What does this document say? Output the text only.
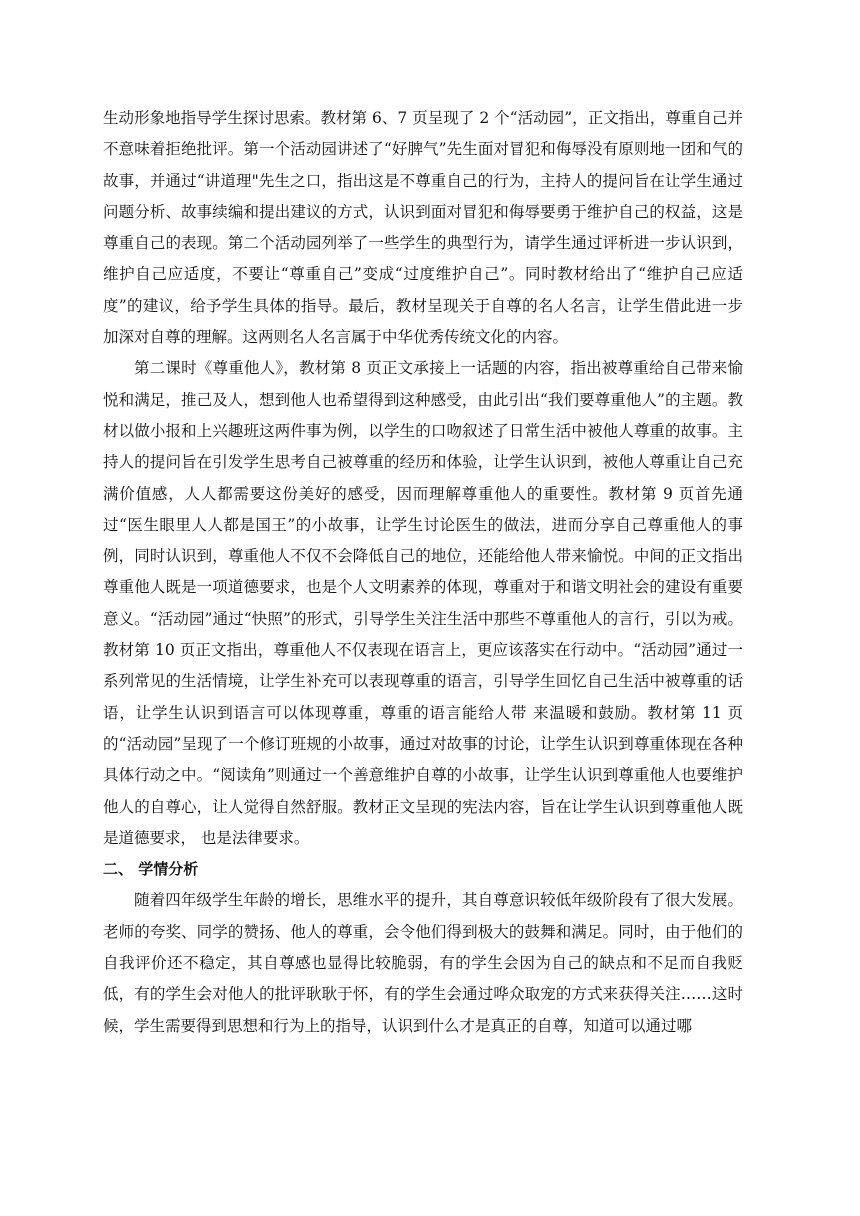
生动形象地指导学生探讨思索。教材第 6、7 页呈现了 2 个“活动园”，正文指出，尊重自己并不意味着拒绝批评。第一个活动园讲述了“好脾气”先生面对冒犯和侮辱没有原则地一团和气的故事，并通过“讲道理"先生之口，指出这是不尊重自己的行为，主持人的提问旨在让学生通过问题分析、故事续编和提出建议的方式，认识到面对冒犯和侮辱要勇于维护自己的权益，这是尊重自己的表现。第二个活动园列举了一些学生的典型行为，请学生通过评析进一步认识到，维护自己应适度，不要让“尊重自己”变成“过度维护自己”。同时教材给出了“维护自己应适度”的建议，给予学生具体的指导。最后，教材呈现关于自尊的名人名言，让学生借此进一步加深对自尊的理解。这两则名人名言属于中华优秀传统文化的内容。

第二课时《尊重他人》，教材第 8 页正文承接上一话题的内容，指出被尊重给自己带来愉悦和满足，推己及人，想到他人也希望得到这种感受，由此引出“我们要尊重他人”的主题。教材以做小报和上兴趣班这两件事为例，以学生的口吻叙述了日常生活中被他人尊重的故事。主持人的提问旨在引发学生思考自己被尊重的经历和体验，让学生认识到，被他人尊重让自己充满价值感，人人都需要这份美好的感受，因而理解尊重他人的重要性。教材第 9 页首先通过“医生眼里人人都是国王”的小故事，让学生讨论医生的做法，进而分享自己尊重他人的事例，同时认识到，尊重他人不仅不会降低自己的地位，还能给他人带来愉悦。中间的正文指出尊重他人既是一项道德要求，也是个人文明素养的体现，尊重对于和谐文明社会的建设有重要意义。“活动园”通过“快照”的形式，引导学生关注生活中那些不尊重他人的言行，引以为戒。教材第 10 页正文指出，尊重他人不仅表现在语言上，更应该落实在行动中。“活动园”通过一系列常见的生活情境，让学生补充可以表现尊重的语言，引导学生回忆自己生活中被尊重的话语，让学生认识到语言可以体现尊重，尊重的语言能给人带 来温暖和鼓励。教材第 11 页的“活动园”呈现了一个修订班规的小故事，通过对故事的讨论，让学生认识到尊重体现在各种具体行动之中。“阅读角”则通过一个善意维护自尊的小故事，让学生认识到尊重他人也要维护他人的自尊心，让人觉得自然舒服。教材正文呈现的宪法内容，旨在让学生认识到尊重他人既是道德要求， 也是法律要求。

二、 学情分析

随着四年级学生年龄的增长，思维水平的提升，其自尊意识较低年级阶段有了很大发展。老师的夸奖、同学的赞扬、他人的尊重，会令他们得到极大的鼓舞和满足。同时，由于他们的自我评价还不稳定，其自尊感也显得比较脆弱，有的学生会因为自己的缺点和不足而自我贬低，有的学生会对他人的批评耿耿于怀，有的学生会通过哗众取宠的方式来获得关注……这时候，学生需要得到思想和行为上的指导，认识到什么才是真正的自尊，知道可以通过哪
